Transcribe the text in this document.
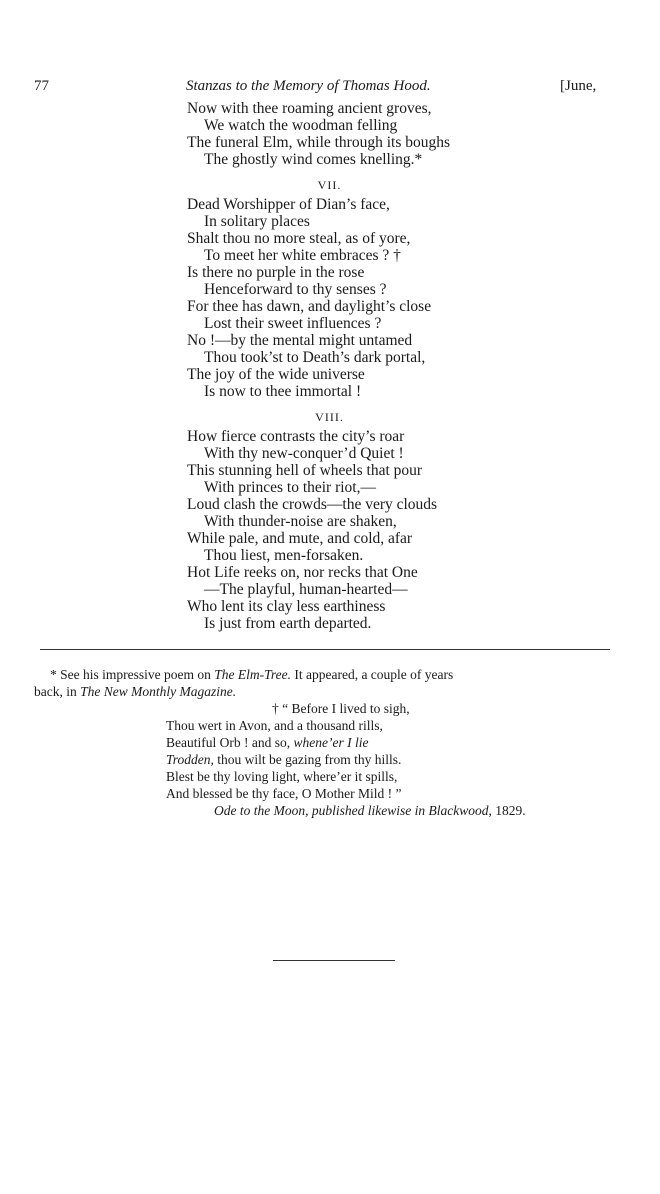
77	Stanzas to the Memory of Thomas Hood.	[June,
Now with thee roaming ancient groves,
We watch the woodman felling
The funeral Elm, while through its boughs
The ghostly wind comes knelling.*
VII.
Dead Worshipper of Dian’s face,
In solitary places
Shalt thou no more steal, as of yore,
To meet her white embraces ? †
Is there no purple in the rose
Henceforward to thy senses ?
For thee has dawn, and daylight’s close
Lost their sweet influences ?
No !—by the mental might untamed
Thou took’st to Death’s dark portal,
The joy of the wide universe
Is now to thee immortal !
VIII.
How fierce contrasts the city’s roar
With thy new-conquer’d Quiet !
This stunning hell of wheels that pour
With princes to their riot,—
Loud clash the crowds—the very clouds
With thunder-noise are shaken,
While pale, and mute, and cold, afar
Thou liest, men-forsaken.
Hot Life reeks on, nor recks that One
—The playful, human-hearted—
Who lent its clay less earthiness
Is just from earth departed.
* See his impressive poem on The Elm-Tree. It appeared, a couple of years
back, in The New Monthly Magazine.
† “ Before I lived to sigh,
Thou wert in Avon, and a thousand rills,
Beautiful Orb ! and so, whene’er I lie
Trodden, thou wilt be gazing from thy hills.
Blest be thy loving light, where’er it spills,
And blessed be thy face, O Mother Mild ! ”
Ode to the Moon, published likewise in Blackwood, 1829.
